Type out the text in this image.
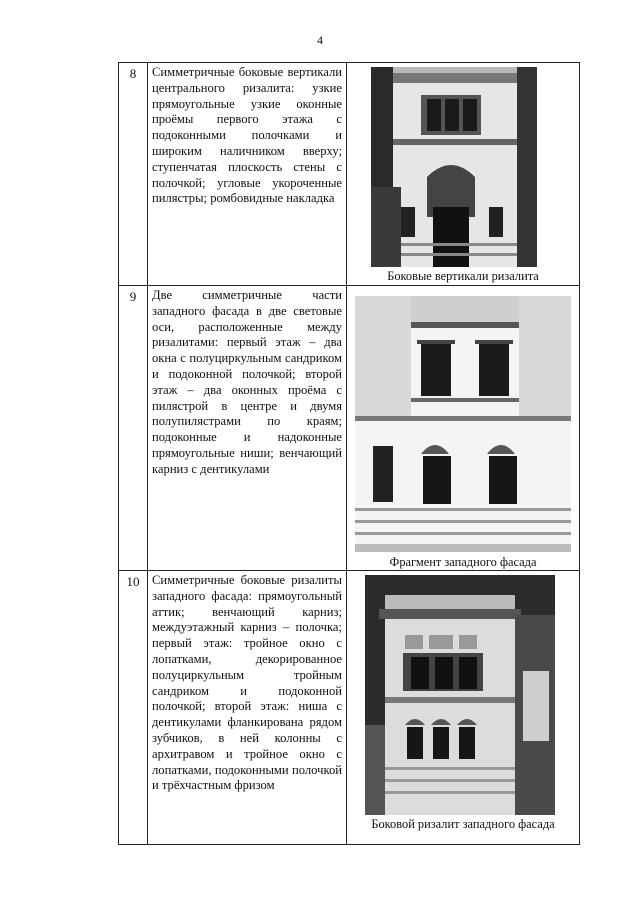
4
8	Симметричные боковые вертикали центрального ризалита: узкие прямоугольные узкие оконные проёмы первого этажа с подоконными полочками и широким наличником вверху; ступенчатая плоскость стены с полочкой; угловые укороченные пилястры; ромбовидные накладка	Боковые вертикали ризалита

9	Две симметричные части западного фасада в две световые оси, расположенные между ризалитами: первый этаж – два окна с полуциркульным сандриком и подоконной полочкой; второй этаж – два оконных проёма с пилястрой в центре и двумя полупилястрами по краям; подоконные и надоконные прямоугольные ниши; венчающий карниз с дентикулами	Фрагмент западного фасада

10	Симметричные боковые ризалиты западного фасада: прямоугольный аттик; венчающий карниз; междуэтажный карниз – полочка; первый этаж: тройное окно с лопатками, декорированное полуциркульным тройным сандриком и подоконной полочкой; второй этаж: ниша с дентикулами фланкирована рядом зубчиков, в ней колонны с архитравом и тройное окно с лопатками, подоконными полочкой и трёхчастным фризом	Боковой ризалит западного фасада
